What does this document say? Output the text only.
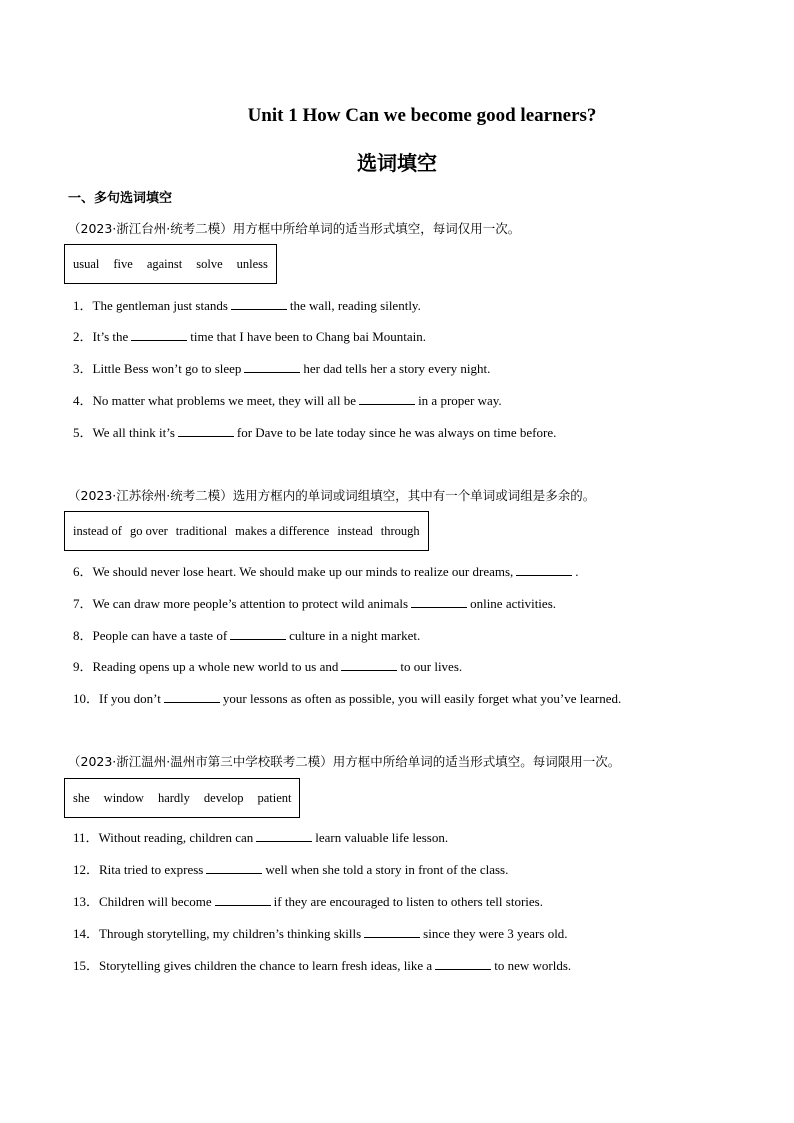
Unit 1 How Can we become good learners?
选词填空
一、多句选词填空
（2023·浙江台州·统考二模）用方框中所给单词的适当形式填空，每词仅用一次。
usual five against solve unless
1．The gentleman just stands	the wall, reading silently.
2．It’s the	time that I have been to Chang bai Mountain.
3．Little Bess won’t go to sleep	her dad tells her a story every night.
4．No matter what problems we meet, they will all be	in a proper way.
5．We all think it’s	for Dave to be late today since he was always on time before.
（2023·江苏徐州·统考二模）选用方框内的单词或词组填空，其中有一个单词或词组是多余的。
instead of go over traditional makes a difference instead through
6．We should never lose heart. We should make up our minds to realize our dreams,	.
7．We can draw more people’s attention to protect wild animals	online activities.
8．People can have a taste of	culture in a night market.
9．Reading opens up a whole new world to us and	to our lives.
10．If you don’t	your lessons as often as possible, you will easily forget what you’ve learned.
（2023·浙江温州·温州市第三中学校联考二模）用方框中所给单词的适当形式填空。每词限用一次。
she window hardly develop patient
11．Without reading, children can	learn valuable life lesson.
12．Rita tried to express	well when she told a story in front of the class.
13．Children will become	if they are encouraged to listen to others tell stories.
14．Through storytelling, my children’s thinking skills	since they were 3 years old.
15．Storytelling gives children the chance to learn fresh ideas, like a	to new worlds.
